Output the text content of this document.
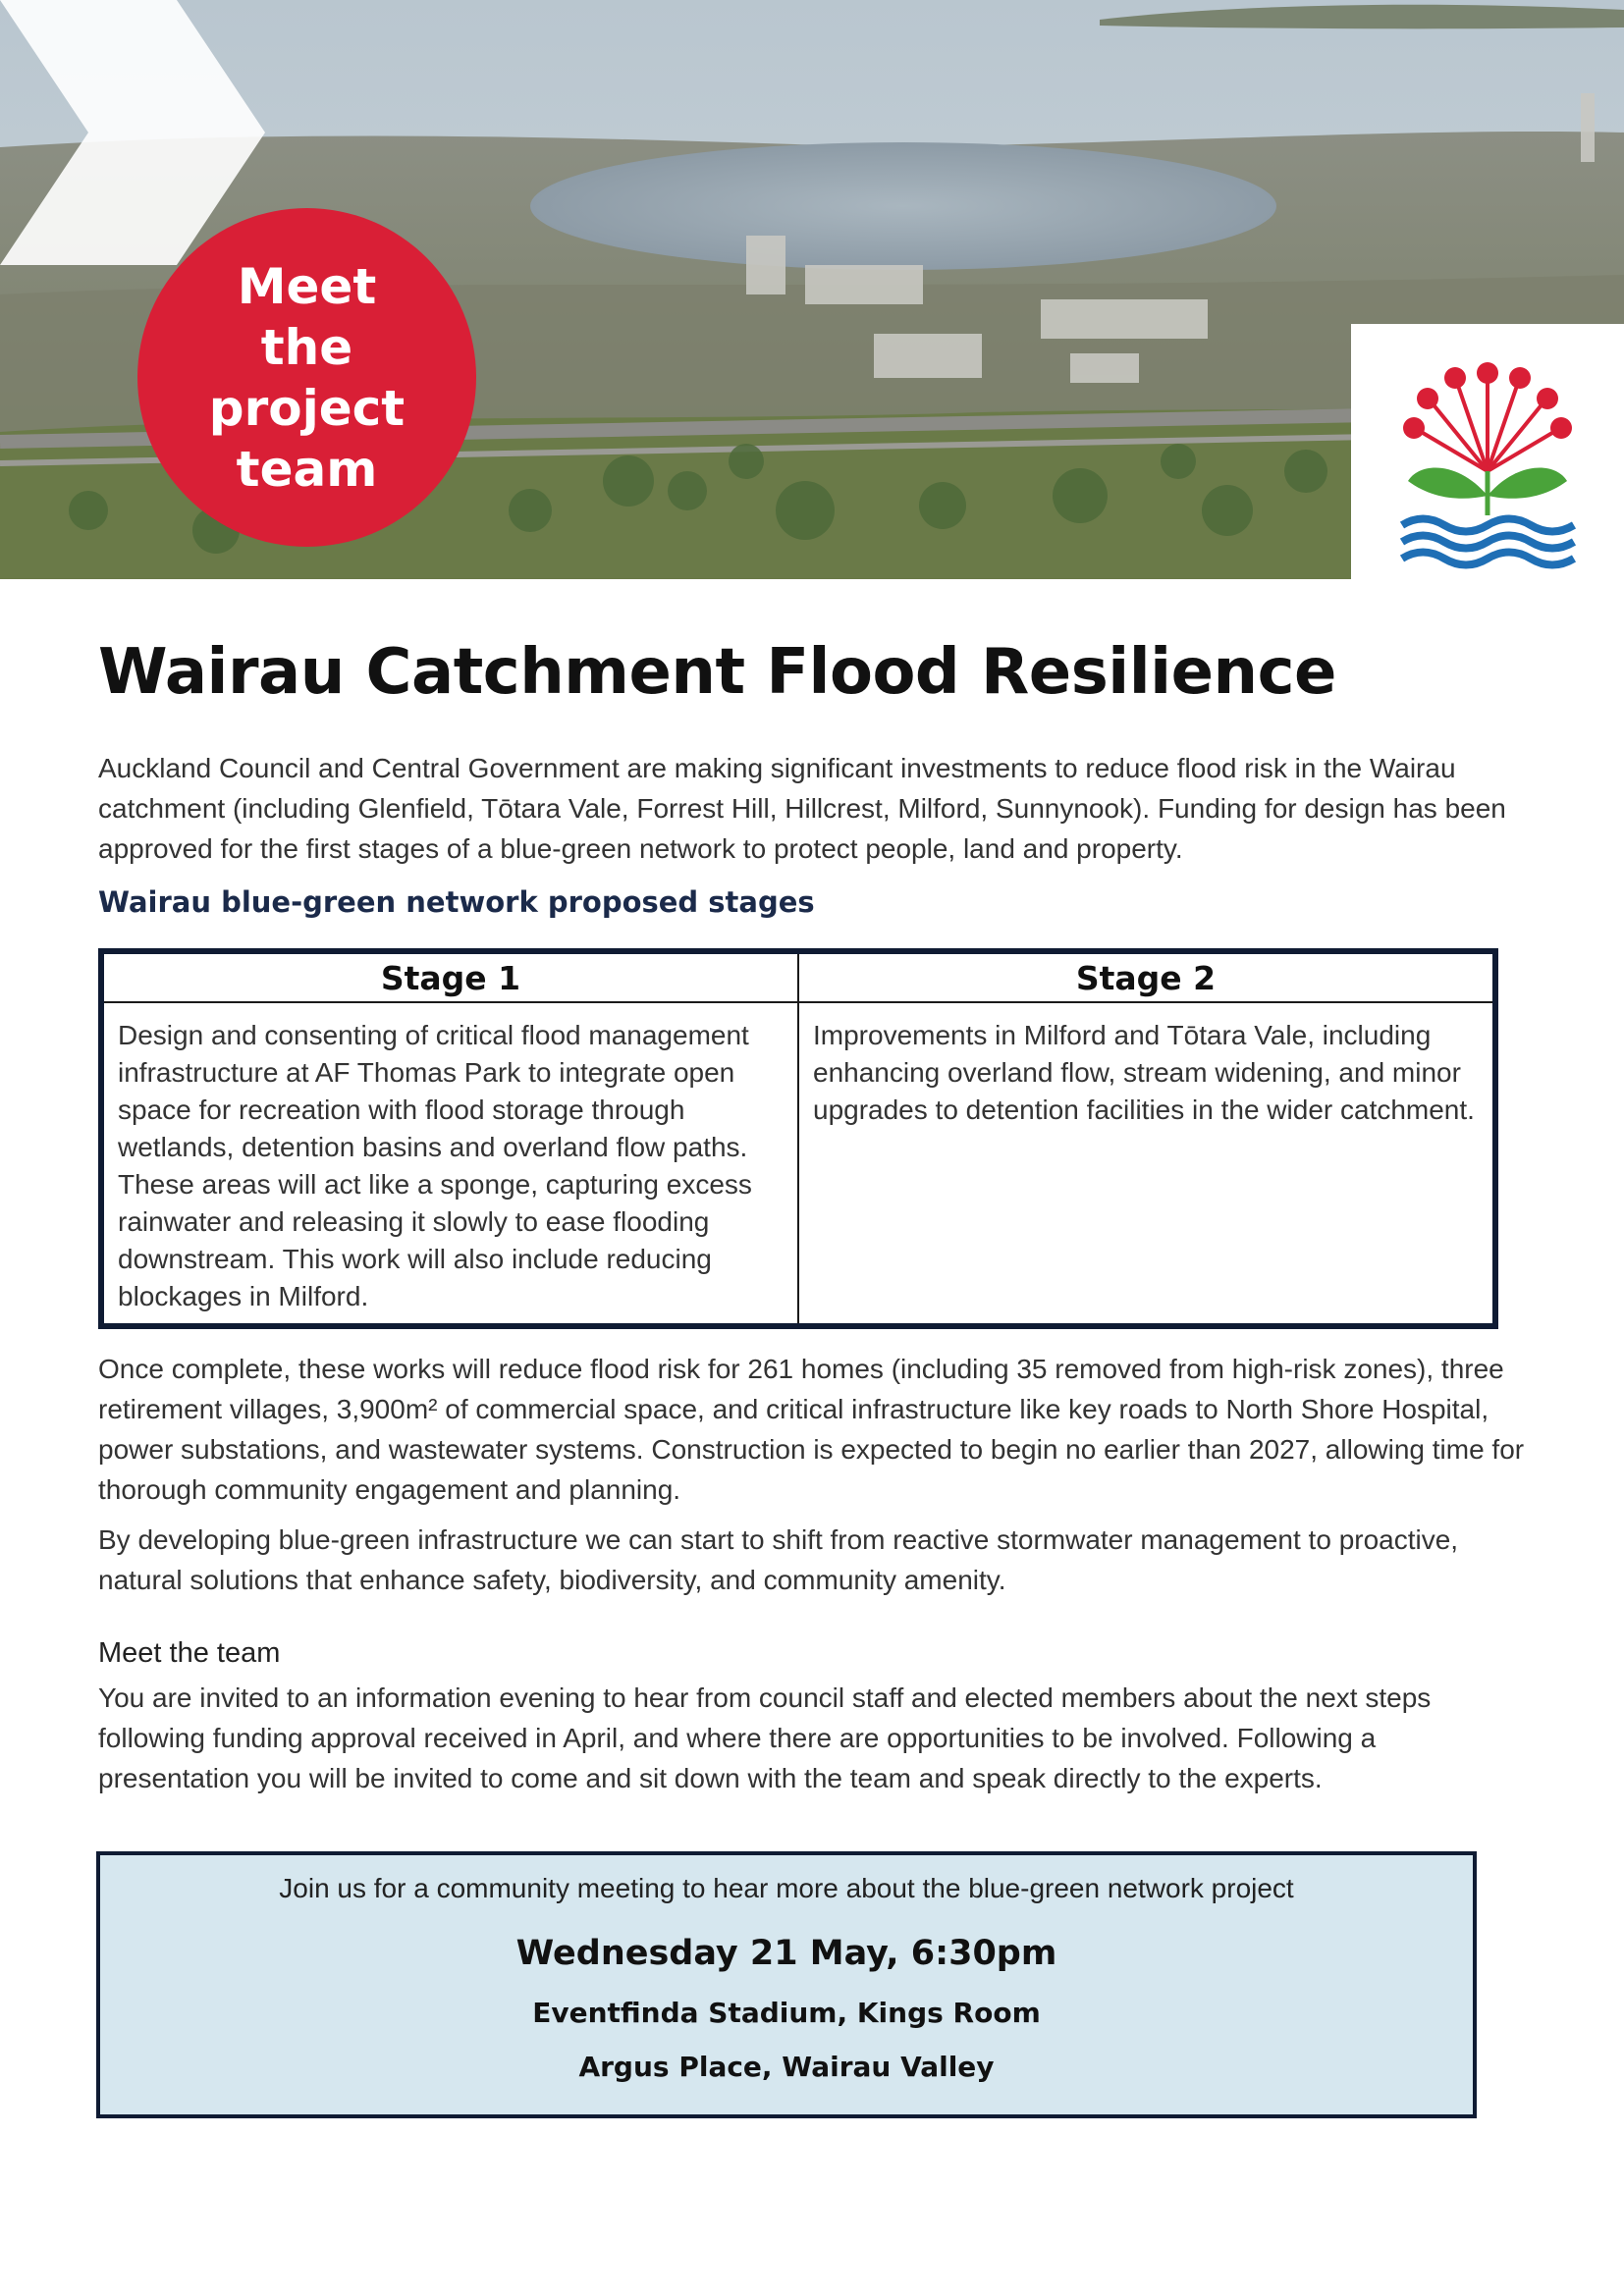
Meet the
project
team
Wairau Catchment Flood Resilience

Auckland Council and Central Government are making significant investments to reduce flood risk in the Wairau catchment (including Glenfield, Tōtara Vale, Forrest Hill, Hillcrest, Milford, Sunnynook). Funding for design has been approved for the first stages of a blue-green network to protect people, land and property.

Wairau blue-green network proposed stages
Stage 1	Stage 2
Design and consenting of critical flood management infrastructure at AF Thomas Park to integrate open space for recreation with flood storage through wetlands, detention basins and overland flow paths. These areas will act like a sponge, capturing excess rainwater and releasing it slowly to ease flooding downstream. This work will also include reducing blockages in Milford.	Improvements in Milford and Tōtara Vale, including enhancing overland flow, stream widening, and minor upgrades to detention facilities in the wider catchment.

Once complete, these works will reduce flood risk for 261 homes (including 35 removed from high-risk zones), three retirement villages, 3,900m² of commercial space, and critical infrastructure like key roads to North Shore Hospital, power substations, and wastewater systems. Construction is expected to begin no earlier than 2027, allowing time for thorough community engagement and planning.

By developing blue-green infrastructure we can start to shift from reactive stormwater management to proactive, natural solutions that enhance safety, biodiversity, and community amenity.

Meet the team

You are invited to an information evening to hear from council staff and elected members about the next steps following funding approval received in April, and where there are opportunities to be involved. Following a presentation you will be invited to come and sit down with the team and speak directly to the experts.

Join us for a community meeting to hear more about the blue-green network project
Wednesday 21 May, 6:30pm
Eventfinda Stadium, Kings Room
Argus Place, Wairau Valley
